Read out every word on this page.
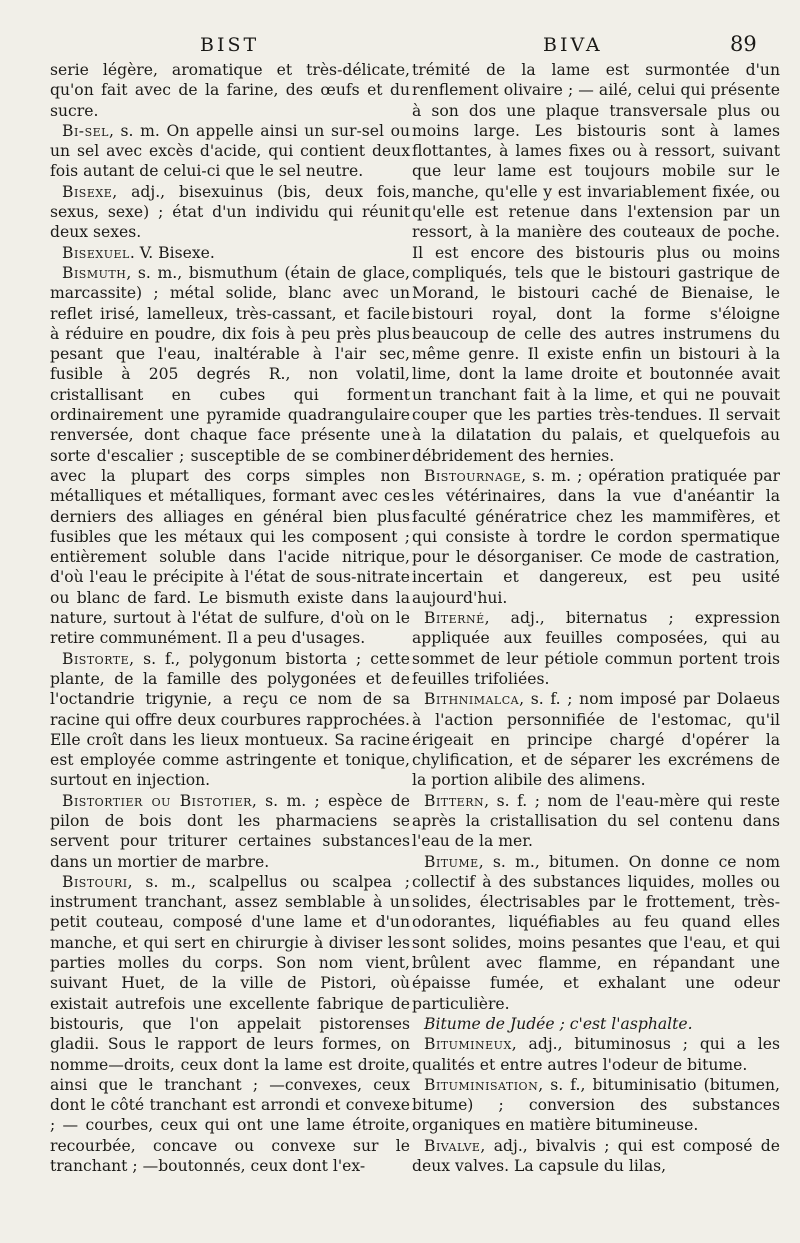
BIST	BIVA	89

serie légère, aromatique et très-délicate, qu'on fait avec de la farine, des œufs et du sucre.

Bi-sel, s. m. On appelle ainsi un sur-sel ou un sel avec excès d'acide, qui contient deux fois autant de celui-ci que le sel neutre.

Bisexe, adj., bisexuinus (bis, deux fois, sexus, sexe) ; état d'un individu qui réunit deux sexes.

Bisexuel. V. Bisexe.

Bismuth, s. m., bismuthum (étain de glace, marcassite) ; métal solide, blanc avec un reflet irisé, lamelleux, très-cassant, et facile à réduire en poudre, dix fois à peu près plus pesant que l'eau, inaltérable à l'air sec, fusible à 205 degrés R., non volatil, cristallisant en cubes qui forment ordinairement une pyramide quadrangulaire renversée, dont chaque face présente une sorte d'escalier ; susceptible de se combiner avec la plupart des corps simples non métalliques et métalliques, formant avec ces derniers des alliages en général bien plus fusibles que les métaux qui les composent ; entièrement soluble dans l'acide nitrique, d'où l'eau le précipite à l'état de sous-nitrate ou blanc de fard. Le bismuth existe dans la nature, surtout à l'état de sulfure, d'où on le retire communément. Il a peu d'usages.

Bistorte, s. f., polygonum bistorta ; cette plante, de la famille des polygonées et de l'octandrie trigynie, a reçu ce nom de sa racine qui offre deux courbures rapprochées. Elle croît dans les lieux montueux. Sa racine est employée comme astringente et tonique, surtout en injection.

Bistortier ou Bistotier, s. m. ; espèce de pilon de bois dont les pharmaciens se servent pour triturer certaines substances dans un mortier de marbre.

Bistouri, s. m., scalpellus ou scalpea ; instrument tranchant, assez semblable à un petit couteau, composé d'une lame et d'un manche, et qui sert en chirurgie à diviser les parties molles du corps. Son nom vient, suivant Huet, de la ville de Pistori, où existait autrefois une excellente fabrique de bistouris, que l'on appelait pistorenses gladii. Sous le rapport de leurs formes, on nomme—droits, ceux dont la lame est droite, ainsi que le tranchant ; —convexes, ceux dont le côté tranchant est arrondi et convexe ; — courbes, ceux qui ont une lame étroite, recourbée, concave ou convexe sur le tranchant ; —boutonnés, ceux dont l'ex-

trémité de la lame est surmontée d'un renflement olivaire ; — ailé, celui qui présente à son dos une plaque transversale plus ou moins large. Les bistouris sont à lames flottantes, à lames fixes ou à ressort, suivant que leur lame est toujours mobile sur le manche, qu'elle y est invariablement fixée, ou qu'elle est retenue dans l'extension par un ressort, à la manière des couteaux de poche. Il est encore des bistouris plus ou moins compliqués, tels que le bistouri gastrique de Morand, le bistouri caché de Bienaise, le bistouri royal, dont la forme s'éloigne beaucoup de celle des autres instrumens du même genre. Il existe enfin un bistouri à la lime, dont la lame droite et boutonnée avait un tranchant fait à la lime, et qui ne pouvait couper que les parties très-tendues. Il servait à la dilatation du palais, et quelquefois au débridement des hernies.

Bistournage, s. m. ; opération pratiquée par les vétérinaires, dans la vue d'anéantir la faculté génératrice chez les mammifères, et qui consiste à tordre le cordon spermatique pour le désorganiser. Ce mode de castration, incertain et dangereux, est peu usité aujourd'hui.

Biterné, adj., biternatus ; expression appliquée aux feuilles composées, qui au sommet de leur pétiole commun portent trois feuilles trifoliées.

Bithnimalca, s. f. ; nom imposé par Dolaeus à l'action personnifiée de l'estomac, qu'il érigeait en principe chargé d'opérer la chylification, et de séparer les excrémens de la portion alibile des alimens.

Bittern, s. f. ; nom de l'eau-mère qui reste après la cristallisation du sel contenu dans l'eau de la mer.

Bitume, s. m., bitumen. On donne ce nom collectif à des substances liquides, molles ou solides, électrisables par le frottement, très-odorantes, liquéfiables au feu quand elles sont solides, moins pesantes que l'eau, et qui brûlent avec flamme, en répandant une épaisse fumée, et exhalant une odeur particulière.

Bitume de Judée ; c'est l'asphalte.

Bitumineux, adj., bituminosus ; qui a les qualités et entre autres l'odeur de bitume.

Bituminisation, s. f., bituminisatio (bitumen, bitume) ; conversion des substances organiques en matière bitumineuse.

Bivalve, adj., bivalvis ; qui est composé de deux valves. La capsule du lilas,
